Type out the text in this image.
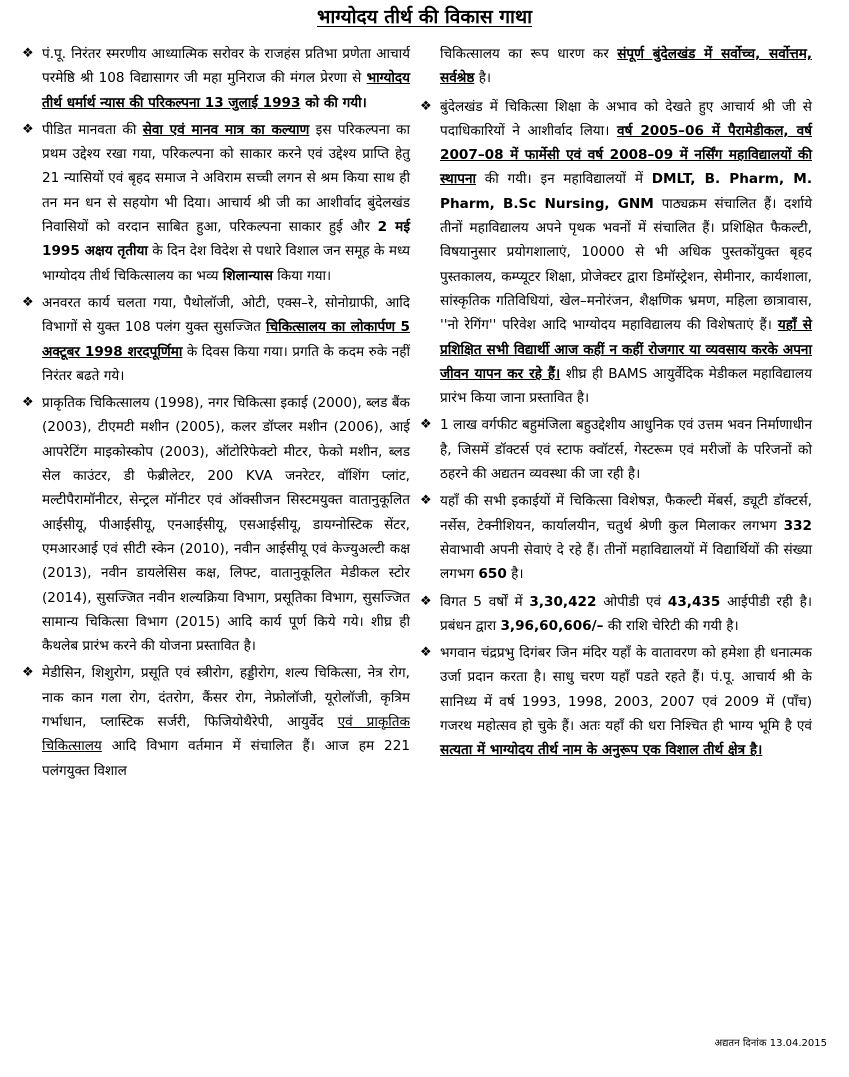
भाग्योदय तीर्थ की विकास गाथा
❖ पं.पू. निरंतर स्मरणीय आध्यात्मिक सरोवर के राजहंस प्रतिभा प्रणेता आचार्य परमेष्ठि श्री 108 विद्यासागर जी महा मुनिराज की मंगल प्रेरणा से भाग्योदय तीर्थ धर्मार्थ न्यास की परिकल्पना 13 जुलाई 1993 को की गयी।
❖ पीडित मानवता की सेवा एवं मानव मात्र का कल्याण इस परिकल्पना का प्रथम उद्देश्य रखा गया, परिकल्पना को साकार करने एवं उद्देश्य प्राप्ति हेतु 21 न्यासियों एवं बृहद समाज ने अविराम सच्ची लगन से श्रम किया साथ ही तन मन धन से सहयोग भी दिया। आचार्य श्री जी का आशीर्वाद बुंदेलखंड निवासियों को वरदान साबित हुआ, परिकल्पना साकार हुई और 2 मई 1995 अक्षय तृतीया के दिन देश विदेश से पधारे विशाल जन समूह के मध्य भाग्योदय तीर्थ चिकित्सालय का भव्य शिलान्यास किया गया।
❖ अनवरत कार्य चलता गया, पैथोलॉजी, ओटी, एक्स–रे, सोनोग्राफी, आदि विभागों से युक्त 108 पलंग युक्त सुसज्जित चिकित्सालय का लोकार्पण 5 अक्टूबर 1998 शरदपूर्णिमा के दिवस किया गया। प्रगति के कदम रुके नहीं निरंतर बढते गये।
❖ प्राकृतिक चिकित्सालय (1998), नगर चिकित्सा इकाई (2000), ब्लड बैंक (2003), टीएमटी मशीन (2005), कलर डॉप्लर मशीन (2006), आई आपरेटिंग माइकोस्कोप (2003), ऑटोरिफेक्टो मीटर, फेको मशीन, ब्लड सेल काउंटर, डी फेब्रीलेटर, 200 KVA जनरेटर, वॉशिंग प्लांट, मल्टीपैरामॉनीटर, सेन्ट्रल मॉनीटर एवं ऑक्सीजन सिस्टमयुक्त वातानुकूलित आईसीयू, पीआईसीयू, एनआईसीयू, एसआईसीयू, डायग्नोस्टिक सेंटर, एमआरआई एवं सीटी स्केन (2010), नवीन आईसीयू एवं केज्युअल्टी कक्ष (2013), नवीन डायलेसिस कक्ष, लिफ्ट, वातानुकूलित मेडीकल स्टोर (2014), सुसज्जित नवीन शल्यक्रिया विभाग, प्रसूतिका विभाग, सुसज्जित सामान्य चिकित्सा विभाग (2015) आदि कार्य पूर्ण किये गये। शीघ्र ही कैथलेब प्रारंभ करने की योजना प्रस्तावित है।
❖ मेडीसिन, शिशुरोग, प्रसूति एवं स्त्रीरोग, हड्डीरोग, शल्य चिकित्सा, नेत्र रोग, नाक कान गला रोग, दंतरोग, कैंसर रोग, नेफ्रोलॉजी, यूरोलॉजी, कृत्रिम गर्भाधान, प्लास्टिक सर्जरी, फिजियोथैरेपी, आयुर्वेद एवं प्राकृतिक चिकित्सालय आदि विभाग वर्तमान में संचालित हैं। आज हम 221 पलंगयुक्त विशाल
चिकित्सालय का रूप धारण कर संपूर्ण बुंदेलखंड में सर्वोच्च, सर्वोत्तम, सर्वश्रेष्ठ है।
❖ बुंदेलखंड में चिकित्सा शिक्षा के अभाव को देखते हुए आचार्य श्री जी से पदाधिकारियों ने आशीर्वाद लिया। वर्ष 2005–06 में पैरामेडीकल, वर्ष 2007–08 में फार्मेसी एवं वर्ष 2008–09 में नर्सिंग महाविद्यालयों की स्थापना की गयी। इन महाविद्यालयों में DMLT, B. Pharm, M. Pharm, B.Sc Nursing, GNM पाठ्यक्रम संचालित हैं। दर्शाये तीनों महाविद्यालय अपने पृथक भवनों में संचालित हैं। प्रशिक्षित फैकल्टी, विषयानुसार प्रयोगशालाएं, 10000 से भी अधिक पुस्तकोंयुक्त बृहद पुस्तकालय, कम्प्यूटर शिक्षा, प्रोजेक्टर द्वारा डिमॉस्ट्रेशन, सेमीनार, कार्यशाला, सांस्कृतिक गतिविधियां, खेल–मनोरंजन, शैक्षणिक भ्रमण, महिला छात्रावास, ''नो रेगिंग'' परिवेश आदि भाग्योदय महाविद्यालय की विशेषताएं हैं। यहॉं से प्रशिक्षित सभी विद्यार्थी आज कहीं न कहीं रोजगार या व्यवसाय करके अपना जीवन यापन कर रहे हैं। शीघ्र ही BAMS आयुर्वेदिक मेडीकल महाविद्यालय प्रारंभ किया जाना प्रस्तावित है।
❖ 1 लाख वर्गफीट बहुमंजिला बहुउद्देशीय आधुनिक एवं उत्तम भवन निर्माणाधीन है, जिसमें डॉक्टर्स एवं स्टाफ क्वॉटर्स, गेस्टरूम एवं मरीजों के परिजनों को ठहरने की अद्यतन व्यवस्था की जा रही है।
❖ यहॉं की सभी इकाईयों में चिकित्सा विशेषज्ञ, फैकल्टी मेंबर्स, ड्यूटी डॉक्टर्स, नर्सेस, टेक्नीशियन, कार्यालयीन, चतुर्थ श्रेणी कुल मिलाकर लगभग 332 सेवाभावी अपनी सेवाएं दे रहे हैं। तीनों महाविद्यालयों में विद्यार्थियों की संख्या लगभग 650 है।
❖ विगत 5 वर्षों में 3,30,422 ओपीडी एवं 43,435 आईपीडी रही है। प्रबंधन द्वारा 3,96,60,606/– की राशि चेरिटी की गयी है।
❖ भगवान चंद्रप्रभु दिगंबर जिन मंदिर यहॉं के वातावरण को हमेशा ही धनात्मक उर्जा प्रदान करता है। साधु चरण यहॉं पडते रहते हैं। पं.पू. आचार्य श्री के सानिध्य में वर्ष 1993, 1998, 2003, 2007 एवं 2009 में (पॉंच) गजरथ महोत्सव हो चुके हैं। अतः यहॉं की धरा निश्चित ही भाग्य भूमि है एवं सत्यता में भाग्योदय तीर्थ नाम के अनुरूप एक विशाल तीर्थ क्षेत्र है।
अद्यतन दिनांक 13.04.2015
